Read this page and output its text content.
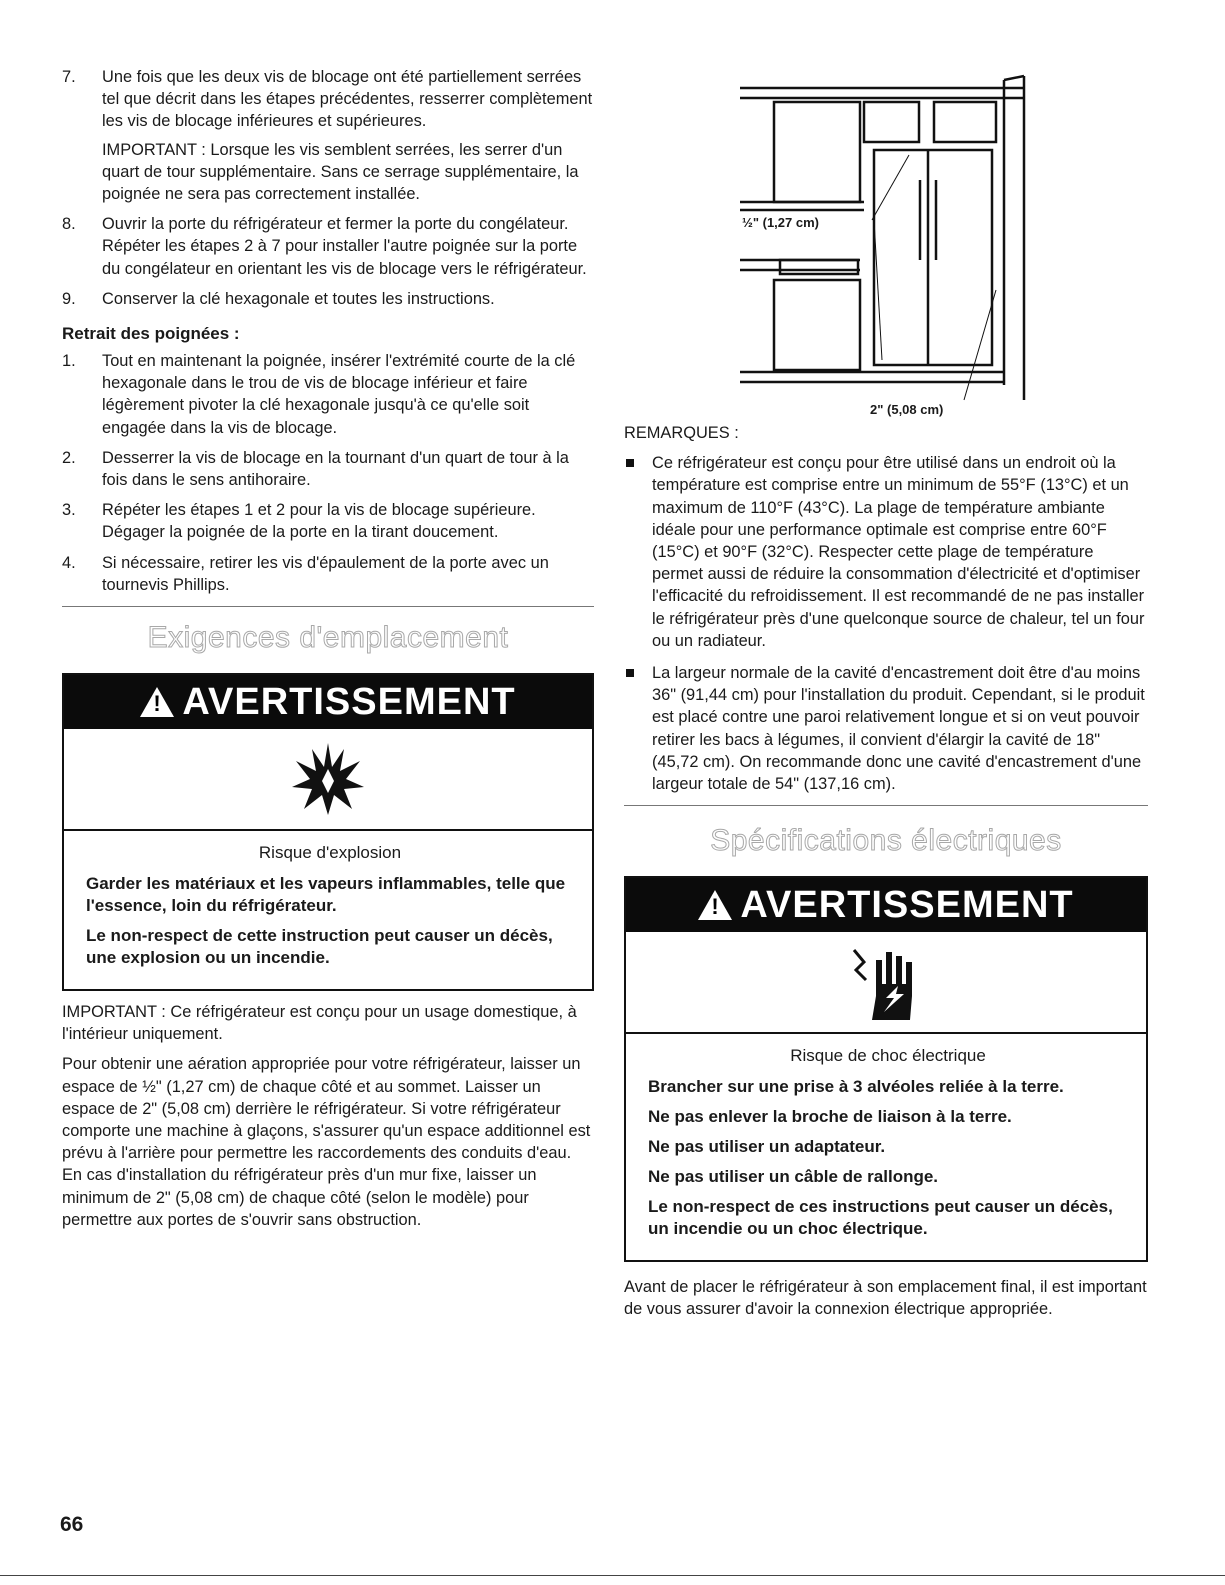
7. Une fois que les deux vis de blocage ont été partiellement serrées tel que décrit dans les étapes précédentes, resserrer complètement les vis de blocage inférieures et supérieures.

IMPORTANT : Lorsque les vis semblent serrées, les serrer d'un quart de tour supplémentaire. Sans ce serrage supplémentaire, la poignée ne sera pas correctement installée.

8. Ouvrir la porte du réfrigérateur et fermer la porte du congélateur. Répéter les étapes 2 à 7 pour installer l'autre poignée sur la porte du congélateur en orientant les vis de blocage vers le réfrigérateur.

9. Conserver la clé hexagonale et toutes les instructions.

Retrait des poignées :
1. Tout en maintenant la poignée, insérer l'extrémité courte de la clé hexagonale dans le trou de vis de blocage inférieur et faire légèrement pivoter la clé hexagonale jusqu'à ce qu'elle soit engagée dans la vis de blocage.

2. Desserrer la vis de blocage en la tournant d'un quart de tour à la fois dans le sens antihoraire.

3. Répéter les étapes 1 et 2 pour la vis de blocage supérieure. Dégager la poignée de la porte en la tirant doucement.

4. Si nécessaire, retirer les vis d'épaulement de la porte avec un tournevis Phillips.

Exigences d'emplacement
!
AVERTISSEMENT
Risque d'explosion
Garder les matériaux et les vapeurs inflammables, telle que l'essence, loin du réfrigérateur.
Le non-respect de cette instruction peut causer un décès, une explosion ou un incendie.

IMPORTANT : Ce réfrigérateur est conçu pour un usage domestique, à l'intérieur uniquement.

Pour obtenir une aération appropriée pour votre réfrigérateur, laisser un espace de ½" (1,27 cm) de chaque côté et au sommet. Laisser un espace de 2" (5,08 cm) derrière le réfrigérateur. Si votre réfrigérateur comporte une machine à glaçons, s'assurer qu'un espace additionnel est prévu à l'arrière pour permettre les raccordements des conduits d'eau. En cas d'installation du réfrigérateur près d'un mur fixe, laisser un minimum de 2" (5,08 cm) de chaque côté (selon le modèle) pour permettre aux portes de s'ouvrir sans obstruction.

½" (1,27 cm)
2" (5,08 cm)
REMARQUES :
Ce réfrigérateur est conçu pour être utilisé dans un endroit où la température est comprise entre un minimum de 55°F (13°C) et un maximum de 110°F (43°C). La plage de température ambiante idéale pour une performance optimale est comprise entre 60°F (15°C) et 90°F (32°C). Respecter cette plage de température permet aussi de réduire la consommation d'électricité et d'optimiser l'efficacité du refroidissement. Il est recommandé de ne pas installer le réfrigérateur près d'une quelconque source de chaleur, tel un four ou un radiateur.
La largeur normale de la cavité d'encastrement doit être d'au moins 36" (91,44 cm) pour l'installation du produit. Cependant, si le produit est placé contre une paroi relativement longue et si on veut pouvoir retirer les bacs à légumes, il convient d'élargir la cavité de 18" (45,72 cm). On recommande donc une cavité d'encastrement d'une largeur totale de 54" (137,16 cm).
Spécifications électriques
!
AVERTISSEMENT
Risque de choc électrique
Brancher sur une prise à 3 alvéoles reliée à la terre.
Ne pas enlever la broche de liaison à la terre.
Ne pas utiliser un adaptateur.
Ne pas utiliser un câble de rallonge.
Le non-respect de ces instructions peut causer un décès, un incendie ou un choc électrique.

Avant de placer le réfrigérateur à son emplacement final, il est important de vous assurer d'avoir la connexion électrique appropriée.

66
